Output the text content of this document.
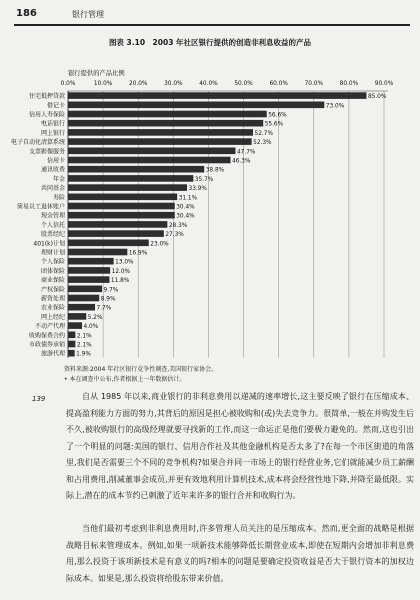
186	银行管理
图表 3.10　2003 年社区银行提供的创造非利息收益的产品
银行提供的产品比例
0.0%	10.0%	20.0%	30.0%	40.0%	50.0%	60.0%	70.0%	80.0%	90.0%
住宅抵押贷款	85.0%
借记卡	73.0%
信用人寿保险	56.6%
电话银行	55.6%
网上银行	52.7%
电子自动化清算系统	52.3%
支票影像服务	47.7%
信用卡	46.3%
通讯收费	38.8%
年金	35.7%
共同基金	33.9%
寿险	31.1%
简易员工退休账户	30.4%
现金管理	30.4%
个人信托	28.3%
股票经纪	27.3%
401(k)计划	23.0%
理财计划	16.9%
个人保险	13.0%
团体保险	12.0%
商业保险	11.8%
产权保险	9.7%
薪资处理	8.9%
农业保险	7.7%
网上经纪	5.2%
不动产代理	4.0%
收购保费合约 2.1%
市政债券承销 2.1%
旅游代理 1.9%
资料来源:2004 年社区银行竞争性调查,美国银行家协会。
• 本在调查中公布,作者根据上一年数据估计。
139	自从 1985 年以来,商业银行的非利息费用以递减的速率增长,这主要反映了银行在压缩成本、提高盈利能力方面的努力,其背后的原因是担心被收购和(或)失去竞争力。很简单,一般在并购发生后不久,被收购银行的高级经理就要寻找新的工作,而这一命运正是他们要极力避免的。然而,这也引出了一个明显的问题:美国的银行、信用合作社及其他金融机构是否太多了?在每一个市区街道的角落里,我们是否需要三个不同的竞争机构?如果合并同一市场上的银行经营业务,它们就能减少员工薪酬和占用费用,削减董事会成员,并更有效地利用计算机技术,成本将会经营性地下降,并降至最低限。实际上,潜在的成本节约已刺激了近年来许多的银行合并和收购行为。
当他们最初考虑到非利息费用时,许多管理人员关注的是压缩成本。然而,更全面的战略是根据战略目标来管理成本。例如,如果一项新技术能够降低长期营业成本,即使在短期内会增加非利息费用,那么投资于该项新技术是有意义的吗?相本的问题是要确定投资收益是否大于银行资本的加权边际成本。如果是,那么投资将给股东带来价值。
